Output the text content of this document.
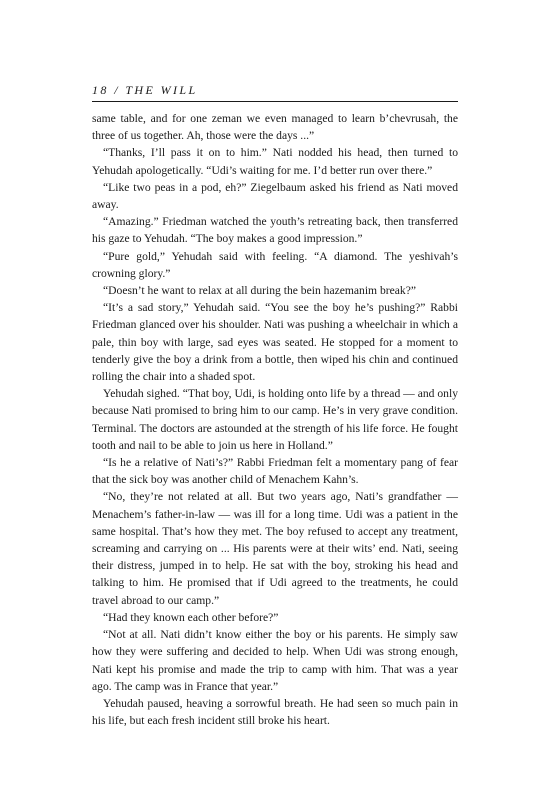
18 / THE WILL

same table, and for one zeman we even managed to learn b’chevrusah, the three of us together. Ah, those were the days ...”

“Thanks, I’ll pass it on to him.” Nati nodded his head, then turned to Yehudah apologetically. “Udi’s waiting for me. I’d better run over there.”

“Like two peas in a pod, eh?” Ziegelbaum asked his friend as Nati moved away.

“Amazing.” Friedman watched the youth’s retreating back, then transferred his gaze to Yehudah. “The boy makes a good impression.”

“Pure gold,” Yehudah said with feeling. “A diamond. The yeshivah’s crowning glory.”

“Doesn’t he want to relax at all during the bein hazemanim break?”

“It’s a sad story,” Yehudah said. “You see the boy he’s pushing?” Rabbi Friedman glanced over his shoulder. Nati was pushing a wheelchair in which a pale, thin boy with large, sad eyes was seated. He stopped for a moment to tenderly give the boy a drink from a bottle, then wiped his chin and continued rolling the chair into a shaded spot.

Yehudah sighed. “That boy, Udi, is holding onto life by a thread — and only because Nati promised to bring him to our camp. He’s in very grave condition. Terminal. The doctors are astounded at the strength of his life force. He fought tooth and nail to be able to join us here in Holland.”

“Is he a relative of Nati’s?” Rabbi Friedman felt a momentary pang of fear that the sick boy was another child of Menachem Kahn’s.

“No, they’re not related at all. But two years ago, Nati’s grandfather — Menachem’s father-in-law — was ill for a long time. Udi was a patient in the same hospital. That’s how they met. The boy refused to accept any treatment, screaming and carrying on ... His parents were at their wits’ end. Nati, seeing their distress, jumped in to help. He sat with the boy, stroking his head and talking to him. He promised that if Udi agreed to the treatments, he could travel abroad to our camp.”

“Had they known each other before?”

“Not at all. Nati didn’t know either the boy or his parents. He simply saw how they were suffering and decided to help. When Udi was strong enough, Nati kept his promise and made the trip to camp with him. That was a year ago. The camp was in France that year.”

Yehudah paused, heaving a sorrowful breath. He had seen so much pain in his life, but each fresh incident still broke his heart.
